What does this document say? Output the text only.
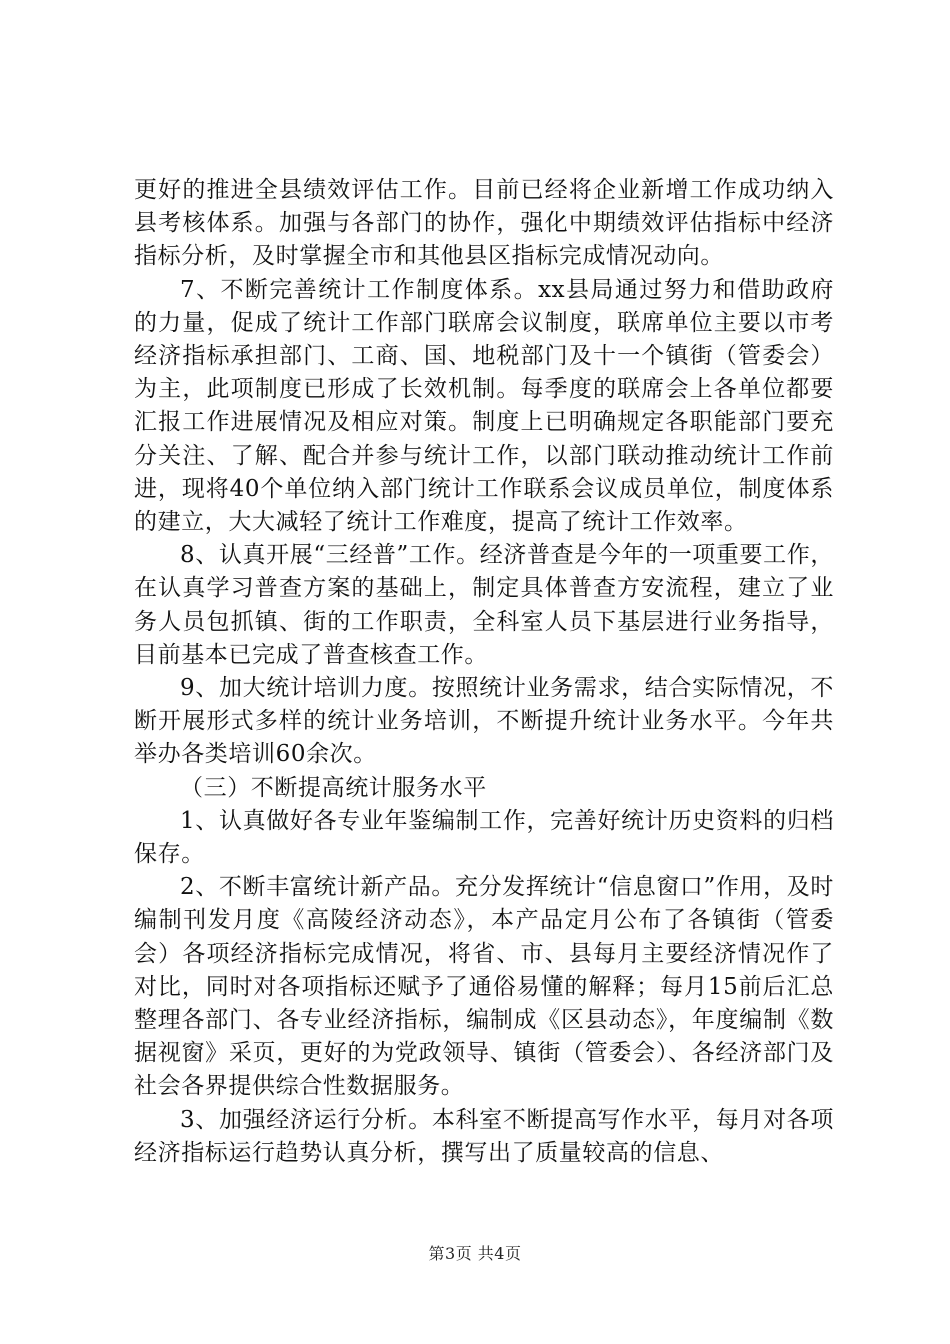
更好的推进全县绩效评估工作。目前已经将企业新增工作成功纳入县考核体系。加强与各部门的协作，强化中期绩效评估指标中经济指标分析，及时掌握全市和其他县区指标完成情况动向。

7、不断完善统计工作制度体系。xx县局通过努力和借助政府的力量，促成了统计工作部门联席会议制度，联席单位主要以市考经济指标承担部门、工商、国、地税部门及十一个镇街（管委会）为主，此项制度已形成了长效机制。每季度的联席会上各单位都要汇报工作进展情况及相应对策。制度上已明确规定各职能部门要充分关注、了解、配合并参与统计工作，以部门联动推动统计工作前进，现将40个单位纳入部门统计工作联系会议成员单位，制度体系的建立，大大减轻了统计工作难度，提高了统计工作效率。

8、认真开展“三经普”工作。经济普查是今年的一项重要工作，在认真学习普查方案的基础上，制定具体普查方安流程，建立了业务人员包抓镇、街的工作职责，全科室人员下基层进行业务指导，目前基本已完成了普查核查工作。

9、加大统计培训力度。按照统计业务需求，结合实际情况，不断开展形式多样的统计业务培训，不断提升统计业务水平。今年共举办各类培训60余次。

（三）不断提高统计服务水平

1、认真做好各专业年鉴编制工作，完善好统计历史资料的归档保存。

2、不断丰富统计新产品。充分发挥统计“信息窗口”作用，及时编制刊发月度《高陵经济动态》，本产品定月公布了各镇街（管委会）各项经济指标完成情况，将省、市、县每月主要经济情况作了对比，同时对各项指标还赋予了通俗易懂的解释；每月15前后汇总整理各部门、各专业经济指标，编制成《区县动态》，年度编制《数据视窗》采页，更好的为党政领导、镇街（管委会）、各经济部门及社会各界提供综合性数据服务。

3、加强经济运行分析。本科室不断提高写作水平，每月对各项经济指标运行趋势认真分析，撰写出了质量较高的信息、

第3页 共4页
